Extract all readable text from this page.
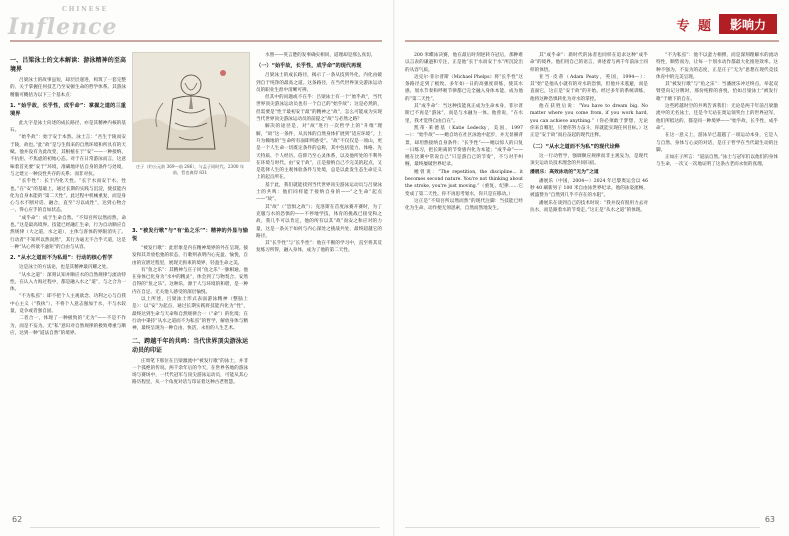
CHINESE
Inflence

一、吕梁泳士的文本解读：游泳精神的至高境界

吕梁泳士的故事虽短，却层层递进，构筑了一套完整的、关于掌握任何技艺乃至安顿生命的哲学体系。其游泳精髓可概括为以下三个基本点：

1. “始乎故，长乎性，成乎命”：掌握之道的三重境界

此九字是泳士向述的成长路径，亦是其精神内核的基石。

“始乎故”：始于安于本然。泳士言：“吾生于陵而安于陵，故也。”此“故”是与生俱来的自然环境和所具有的天赋。他并没有为此改变，其根植在于“安”——一种接纳、不抗拒、不焦虑的初始心态。对于在日常游泳而言，这意味着首先要“安于”环境，准确地评估自身的条件与处境，与之建立一种良性共存的关系；而非对抗。

“长乎性”：长于内化天性。“长于水而安于水，性也。”在“安”的基础上，通过长期的实践与沉淀，使技能内化为自身本能的“第二天性”。此过程中机械重复，而是身心与水不断对话、融合，直至“习以成性”，达到心物合一、得心应手的自如状态。

“成乎命”：成于生命自然。“不知吾所以然而然，命也。”这是最高境界。技能已经融汇生命，行为自动顺应自然规律（大之道，水之道），主体与客体的界限消失了。行动者“不知所以然而然”，其行为毫无不合乎天道，这是一种“从心所欲不逾矩”的自由与从容。

2. “从水之道而不为私焉”：行动的核心哲学

这是泳士的方法论，也是其精神最闪耀之处。

“从水之道”：深刻认知并顺应水的自然规律与流动特性。在认入力海过程中，都是融入水之“道”，与之合为一体。

“不为私焉”：即不把个人主观欲念、功利之心与自我中心主义（“我执”），不将个人意志强加于水，不与水较量，竞争或者强自固。

二者合一，体现了一种极致的“无为”——不是不作为，而是不妄为。无“私”意识对自然规律的极致尊重与顺应，达到一种“道法自然”的境界。

庄子（约公元前 369—前 286），与孟子同时代。2300 年前，哲也离得 831

3. “被发行歌”与“有‘鱼之乐’”：精神的外显与愉悦

“被发行歌”：此形象是内在精神境界的外在呈现。披发和其奔放松弛的状态，行歌则表明内心充盈、愉悦，自由的宣泄过程里，展现无拘束的境界，轻盈生命之美。

有“鱼之乐”：其精神与庄子同“鱼之乐”一脉相通。他在身体已化身为“水中的精灵”，体会到了与物契合、安然自得的“鱼之乐”。这种乐，源于人与环境的和谐，是一种内在自足、无关他人感受的深层愉悦。

以上所述，吕梁泳士形式表面游泳精神（整脑上是）：以“安”为起点，通过长期实践将技能内化为“性”，最终达到生命与天命和自然规律合一（“命”）的化境；在行动中秉持“从水之道而不为私焉”的哲学，解放身体与精神，最终呈现为一种自由、快活，永恒的人生艺术。

二、跨越千年的共鸣：当代世界顶尖游泳运动员的印证

庄周笔下那位在吕梁激流中“被发行歌”的泳士，并非一个孤绝的传说。两千余年后的今天，在世界各地的游泳场与赛场中，一代代冠军与顶尖游泳运动员，可能从其心路历程里，从一个角度对话与印证着这种古老智慧。

水照——英言楚的发事确实相同，道理却是那么真切。

（一）“始乎故，长乎性，成乎命”的现代再现

吕梁泳士的成长路径，揭示了一条从技到外化，内化由破到自于纯净的最高之道。这条路径，在当代世界顶尖游泳运动员的职业生涯中清晰可辨。

但其中的问题或不在乎：吕梁泳士有一个“始乎故”，当代世界顶尖游泳运动员也有一个自己的“始乎故”；这是必然的，但需要是“性于最初安于最”的精神之“故”，怎么可能成为实现当代世界顶尖游泳运动员的前提之“故”与必然之路？

解决的途径是，对“故”进行一次哲学上的“升维”理解，“故”这一条件，从具体的自然身体扩展到“适应环境”。上升为赖地的“生命所有面即所感受”。“故”不仅仅是一项山，更是一个人生命一切既定条件的总称，其中包括能力、体格、先天特质、个人经历、信仰乃至心灵体系，以及他所处的不利外在环境与时代。由“安于故”，正是接纳自己不完美的起点，又是选择人生的主观体验条件与处境，总是以此发生态生命定义上的起点所在。

基于此，我们就能找到当代世界顶尖游泳运动员与吕梁泳士的共鸣：他们同样能于接纳自身的——“之生命”起点——“故”。

其“故”（“恐惧之故”）；克洛斯在首度泳赛开赛时，为了克服与水的恐惧的——不停地学技，体育的挑战已接受和之故，我几乎可以肯定，他的所有以其“故”而安之和应对的力量，这是一条关于如何与内心深处之挑战共处，最终超越它的路径。

其“长乎性”与“长乎性”：他在不断的学习中，直至将其反复练习所得，融入身体，成为了他的第二天性。

62

200 米蝶泳决赛，他在最后时刻逆转夺冠后，那种难以言表的谦逊和专注，正是他“长于水而安于水”所沉淀出的从容气质。

迈克尔·菲尔普斯（Michael Phelps）将“长乎性”这条路径走到了极致。多年如一日的高强度训练，使其水感、划水节奏和呼吸节律都已完全融入身体本能，成为他的“第二天性”。

其“成乎命”：当这种技能真正成为生命本身，菲尔普斯已不再是“游泳”，而是与水融为一体。他曾说，“在水里，我才觉得自由自在”。

凯蒂·莱德基（Katie Ledecky，美国，1997—）：“始乎故”——她自幼在社区泳池中起步，并无显赫背景，却坦然接纳自身条件；“长乎性”——她以惊人的日复一日练习，把长距离的节奏感内化为本能；“成乎命”——她在比赛中常说自己“只是游自己的节奏”，不与对手纠缠，最终屡破世界纪录。

她曾说：“The repetition, the discipline... it becomes second nature. You're not thinking about the stroke, you're just moving.”（重复、纪律……它变成了第二天性。你不再思考划水，你只是在移动。）

这正是“不知吾所以然而然”的现代注脚：当技能已经化为生命，动作便无须思索，自然而然地发生。

其“成乎命”：新时代的泳者也同样在追求这种“成乎命”的境界。他们用自己的语言，讲述着与两千年前泳士同样的体悟。

亚当·皮蒂（Adam Peaty，英国，1994—）：其“始”是他从小就有的对水的恐惧，但他并未逃避，而是直面它，这正是“安于故”的开始。经过多年的系统训练，他将这种恐惧转化为对水的掌控。

他在获胜后说：“You have to dream big. No matter where you come from, if you work hard, you can achieve anything.”（你必须敢于梦想，无论你来自哪里，只要你努力奋斗，你就能实现任何目标。）这正是“安于故”而后奋起的现代注释。

（二）“从水之道而不为私”的现代诠释

这一行动哲学，强调顺应规律而非主观妄为，是现代顶尖运动员技术理念的共同归宿。

潘展乐：高效泳动的“无为”之道

潘展乐（中国，2004—）2024 年巴黎奥运会以 46 秒 40 刷新男子 100 米自由泳世界纪录。他的泳姿流畅，被盛赞为“自然到几乎不存在的水阻”。

潘展乐在谈到自己的技术时说：“我并没有很用力去对抗水，而是跟着水的节奏走。”这正是“从水之道”的体现。

“不为私焉”：他不以蛮力相搏，而是深刻理解水的流动特性，顺势而为，让每一个划水动作都最大化推进效率。这种不强为、不妄为的态度，正是庄子“无为”思想在现代竞技体育中的完美呈现。

其“被发行歌”与“鱼之乐”：当潘展乐冲过终点，举起双臂望向记分牌时，那份纯粹的喜悦，恰如吕梁泳士“被发行歌”于塘下的自在。

这些跨越时空的共鸣告诉我们：无论是两千年前吕梁激流中的无名泳士，还是今天站在奥运领奖台上的世界冠军，他们所抵达的，都是同一种境界——“始乎故，长乎性，成乎命”。

在这一意义上，游泳早已超越了一项运动本身，它是人与自然、身体与心灵的对话，是庄子哲学在当代最生动的注脚。

正如庄子所言：“道法自然。”泳士与冠军们以他们的身体与生命，一次又一次地证明了这条古老而永恒的真理。

63
专 题	影响力
